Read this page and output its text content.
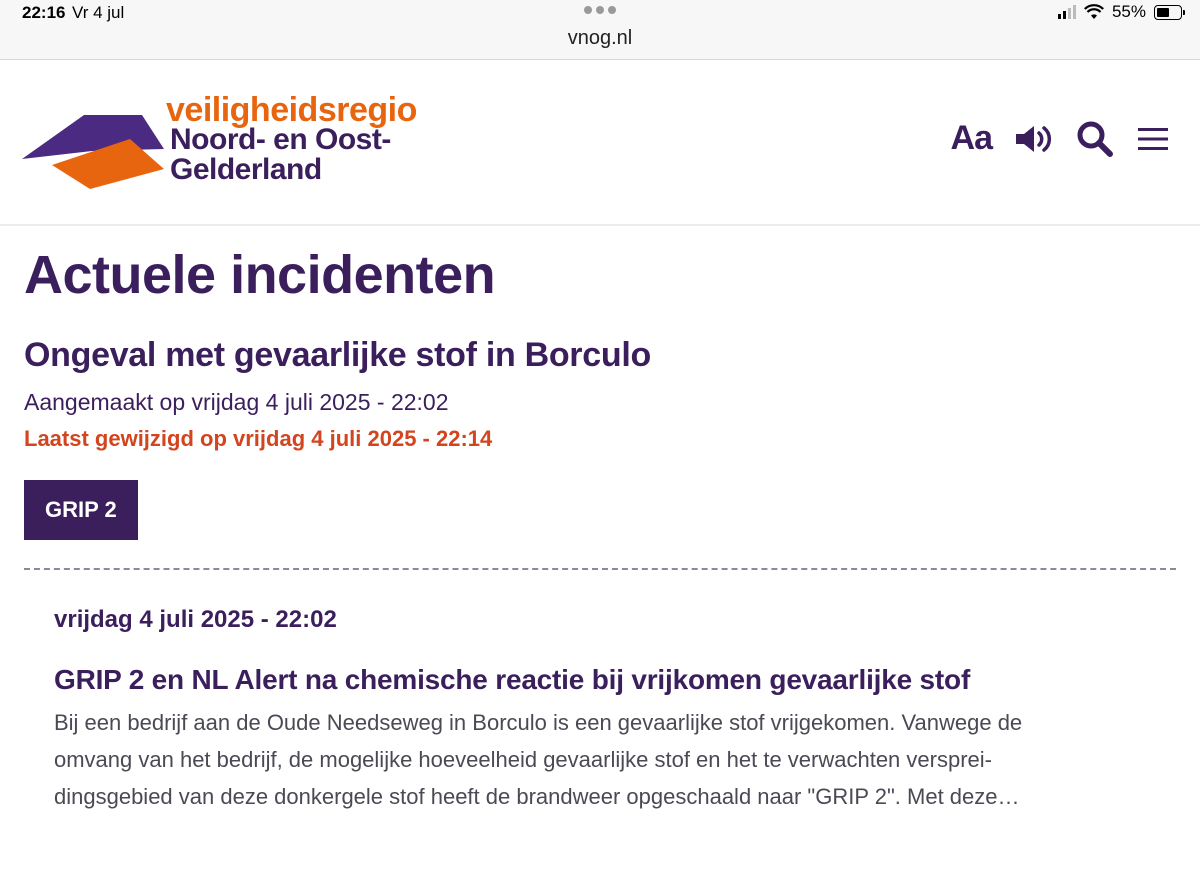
22:16 Vr 4 jul
vnog.nl
55%
veiligheidsregio
Noord- en Oost-
Gelderland
Aa
Actuele incidenten
Ongeval met gevaarlijke stof in Borculo
Aangemaakt op vrijdag 4 juli 2025 - 22:02
Laatst gewijzigd op vrijdag 4 juli 2025 - 22:14
GRIP 2
vrijdag 4 juli 2025 - 22:02
GRIP 2 en NL Alert na chemische reactie bij vrijkomen gevaarlijke stof
Bij een bedrijf aan de Oude Needseweg in Borculo is een gevaarlijke stof vrijgekomen. Vanwege de
omvang van het bedrijf, de mogelijke hoeveelheid gevaarlijke stof en het te verwachten versprei-
dingsgebied van deze donkergele stof heeft de brandweer opgeschaald naar "GRIP 2". Met deze…
